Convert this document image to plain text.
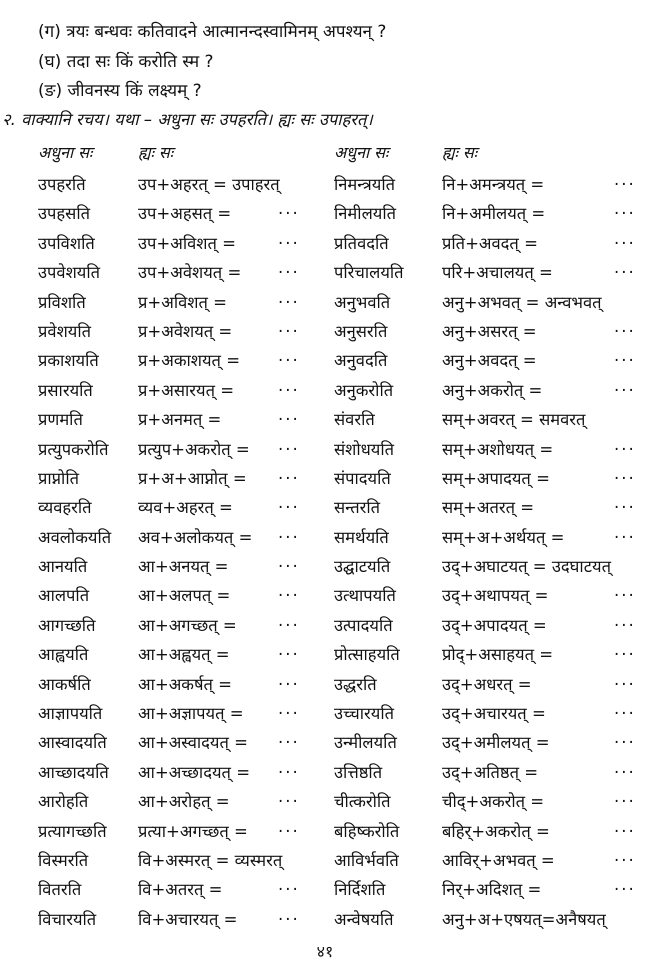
(ग) त्रयः बन्धवः कतिवादने आत्मानन्दस्वामिनम् अपश्यन् ?
(घ) तदा सः किं करोति स्म ?
(ङ) जीवनस्य किं लक्ष्यम् ?
२. वाक्यानि रचय। यथा – अधुना सः उपहरति। ह्यः सः उपाहरत्।
अधुना सः	ह्यः सः	अधुना सः	ह्यः सः
उपहरति	उप+अहरत् = उपाहरत्	निमन्त्रयति	नि+अमन्त्रयत् =	···
उपहसति	उप+अहसत् =	··· निमीलयति	नि+अमीलयत् =	···
उपविशति	उप+अविशत् =	··· प्रतिवदति	प्रति+अवदत् =	···
उपवेशयति उप+अवेशयत् = ··· परिचालयति परि+अचालयत् =	···
प्रविशति	प्र+अविशत् =	··· अनुभवति	अनु+अभवत् = अन्वभवत्
प्रवेशयति	प्र+अवेशयत् =	··· अनुसरति	अनु+असरत् =	···
प्रकाशयति प्र+अकाशयत् = ··· अनुवदति	अनु+अवदत् =	···
प्रसारयति	प्र+असारयत् =	··· अनुकरोति	अनु+अकरोत् =	···
प्रणमति	प्र+अनमत् =	··· संवरति	सम्+अवरत् = समवरत्
प्रत्युपकरोति प्रत्युप+अकरोत् = ··· संशोधयति	सम्+अशोधयत् =	···
प्राप्नोति	प्र+अ+आप्नोत् = ··· संपादयति	सम्+अपादयत् =	···
व्यवहरति	व्यव+अहरत् =	··· सन्तरति	सम्+अतरत् =	···
अवलोकयति अव+अलोकयत् = ··· समर्थयति	सम्+अ+अर्थयत् =	···
आनयति	आ+अनयत् =	··· उद्घाटयति	उद्+अघाटयत् = उदघाटयत्
आलपति	आ+अलपत् =	··· उत्थापयति	उद्+अथापयत् =	···
आगच्छति	आ+अगच्छत् =	··· उत्पादयति	उद्+अपादयत् =	···
आह्वयति	आ+अह्वयत् =	··· प्रोत्साहयति	प्रोद्+असाहयत् =	···
आकर्षति	आ+अकर्षत् =	··· उद्धरति	उद्+अधरत् =	···
आज्ञापयति आ+अज्ञापयत् = ··· उच्चारयति	उद्+अचारयत् =	···
आस्वादयति आ+अस्वादयत् = ··· उन्मीलयति	उद्+अमीलयत् =	···
आच्छादयति आ+अच्छादयत् = ··· उत्तिष्ठति	उद्+अतिष्ठत् =	···
आरोहति	आ+अरोहत् =	··· चीत्करोति	चीद्+अकरोत् =	···
प्रत्यागच्छति प्रत्या+अगच्छत् = ··· बहिष्करोति	बहिर्+अकरोत् =	···
विस्मरति	वि+अस्मरत् = व्यस्मरत्	आविर्भवति	आविर्+अभवत् =	···
वितरति	वि+अतरत् =	··· निर्दिशति	निर्+अदिशत् =	···
विचारयति	वि+अचारयत् = ··· अन्वेषयति	अनु+अ+एषयत्=अनैषयत्
४१
